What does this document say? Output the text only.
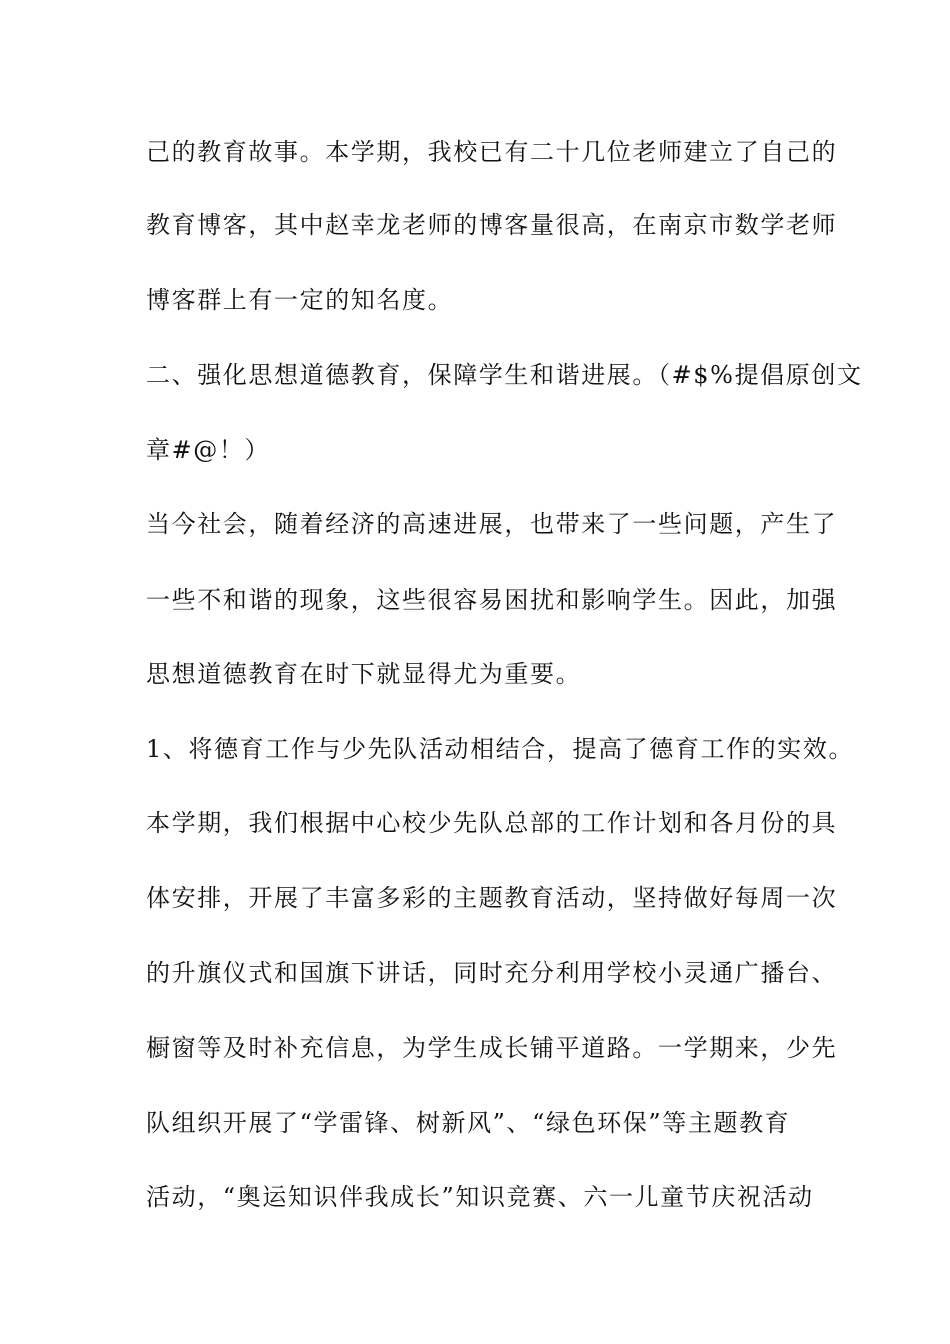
己的教育故事。本学期，我校已有二十几位老师建立了自己的
教育博客，其中赵幸龙老师的博客量很高，在南京市数学老师
博客群上有一定的知名度。
二、强化思想道德教育，保障学生和谐进展。（#$%提倡原创文
章#@！）
当今社会，随着经济的高速进展，也带来了一些问题，产生了
一些不和谐的现象，这些很容易困扰和影响学生。因此，加强
思想道德教育在时下就显得尤为重要。
1、将德育工作与少先队活动相结合，提高了德育工作的实效。
本学期，我们根据中心校少先队总部的工作计划和各月份的具
体安排，开展了丰富多彩的主题教育活动，坚持做好每周一次
的升旗仪式和国旗下讲话，同时充分利用学校小灵通广播台、
橱窗等及时补充信息，为学生成长铺平道路。一学期来，少先
队组织开展了“学雷锋、树新风”、“绿色环保”等主题教育
活动，“奥运知识伴我成长”知识竞赛、六一儿童节庆祝活动
